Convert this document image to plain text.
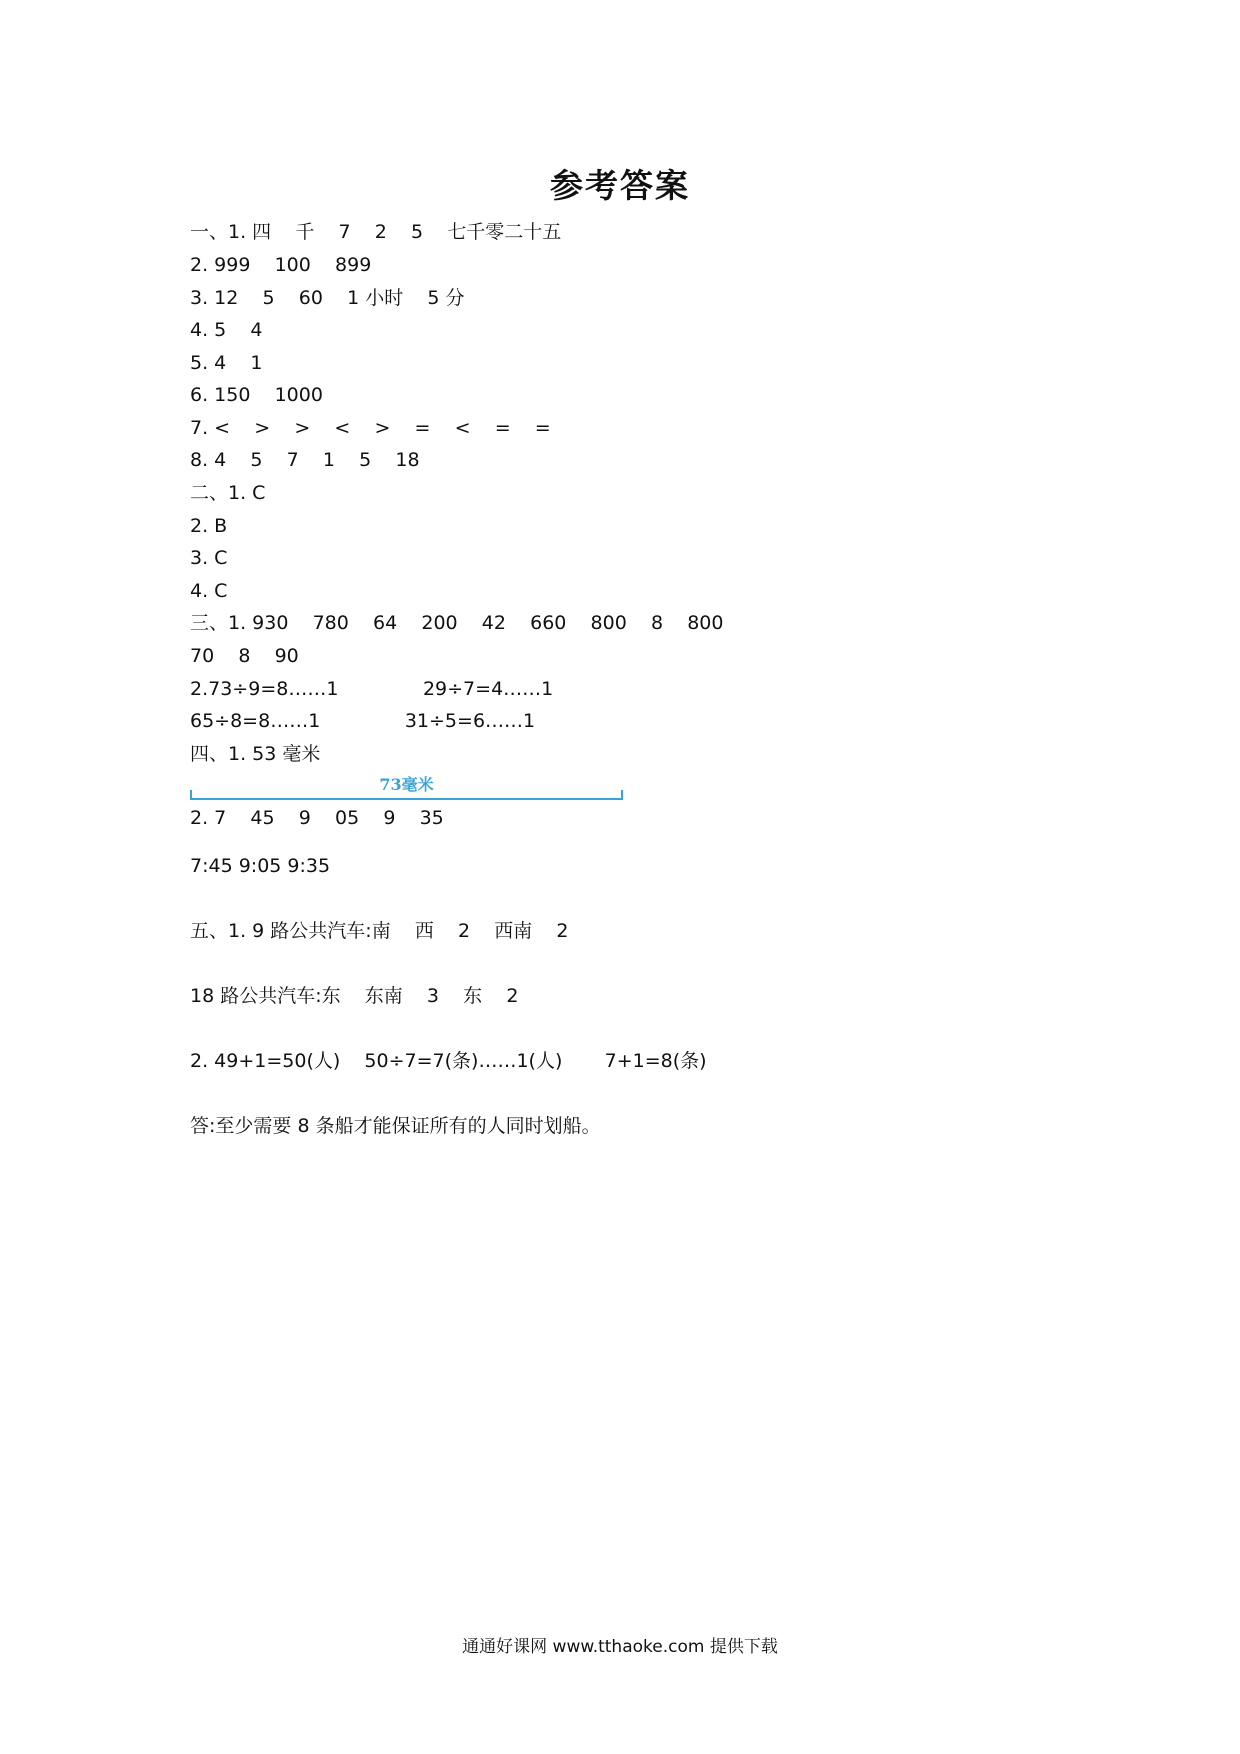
参考答案
一、1. 四    千    7    2    5    七千零二十五
2. 999    100    899
3. 12    5    60    1 小时    5 分
4. 5    4
5. 4    1
6. 150    1000
7. <    >    >    <    >    =    <    =    =
8. 4    5    7    1    5    18
二、1. C
2. B
3. C
4. C
三、1. 930    780    64    200    42    660    800    8    800
70    8    90
2.73÷9=8……1              29÷7=4……1
65÷8=8……1              31÷5=6……1
四、1. 53 毫米
73毫米
2. 7    45    9    05    9    35
7:45 9:05 9:35
五、1. 9 路公共汽车:南    西    2    西南    2
18 路公共汽车:东    东南    3    东    2
2. 49+1=50(人)    50÷7=7(条)……1(人)       7+1=8(条)
答:至少需要 8 条船才能保证所有的人同时划船。
通通好课网 www.tthaoke.com 提供下载
